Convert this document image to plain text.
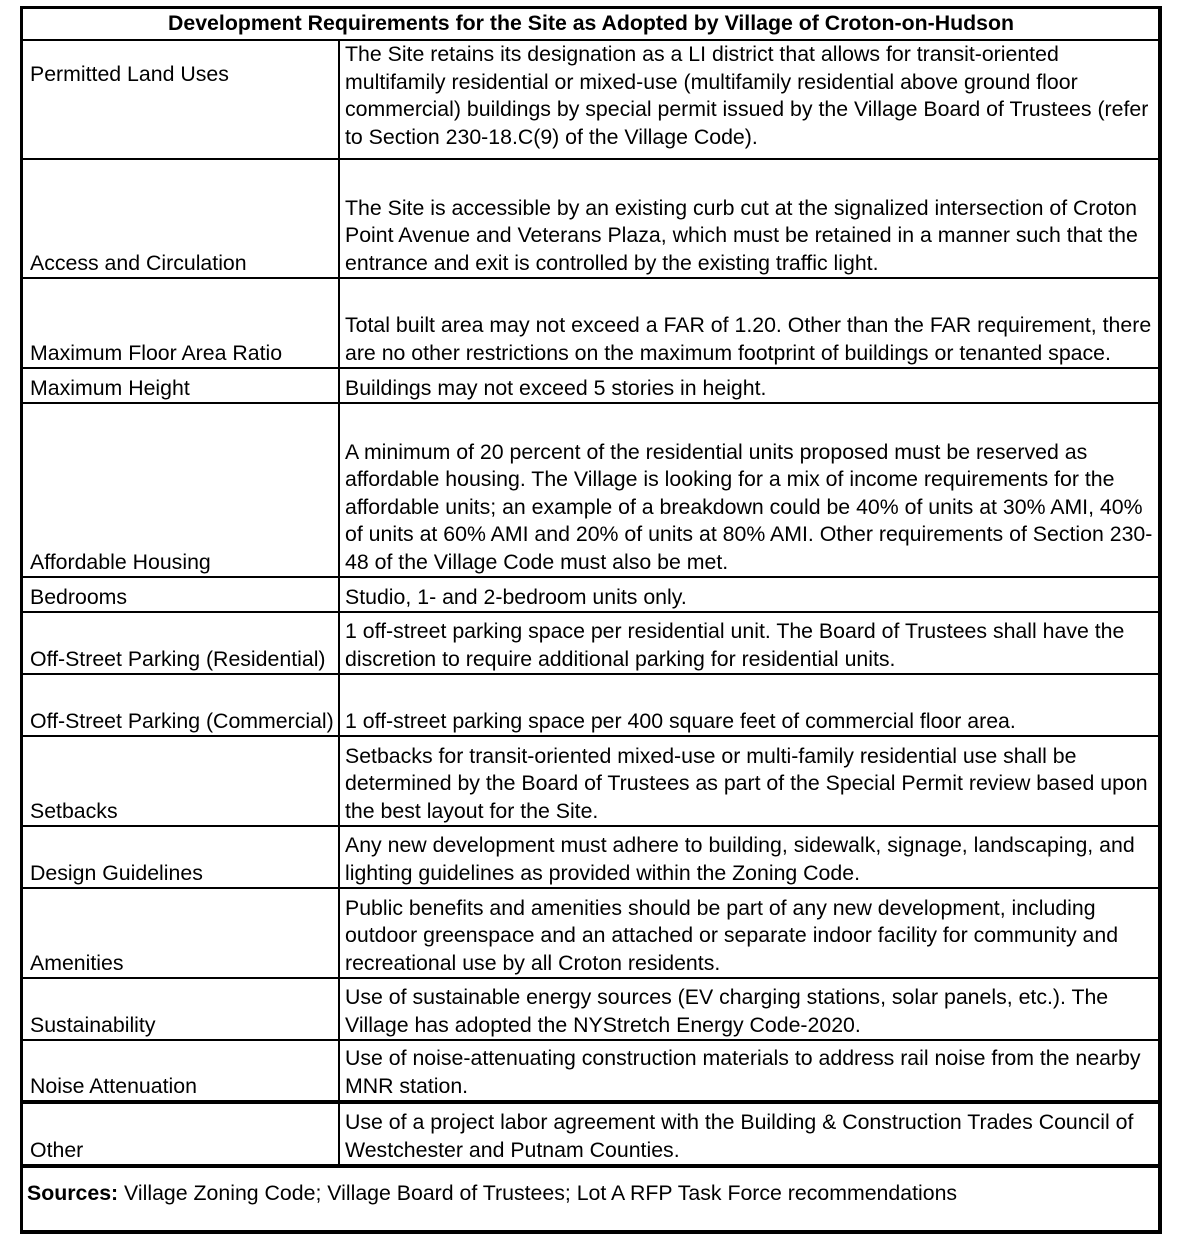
Development Requirements for the Site as Adopted by Village of Croton-on-Hudson	
Permitted Land Uses	The Site retains its designation as a LI district that allows for transit-oriented multifamily residential or mixed-use (multifamily residential above ground floor commercial) buildings by special permit issued by the Village Board of Trustees (refer to Section 230-18.C(9) of the Village Code).
Access and Circulation	The Site is accessible by an existing curb cut at the signalized intersection of Croton Point Avenue and Veterans Plaza, which must be retained in a manner such that the entrance and exit is controlled by the existing traffic light.
Maximum Floor Area Ratio	Total built area may not exceed a FAR of 1.20. Other than the FAR requirement, there are no other restrictions on the maximum footprint of buildings or tenanted space.
Maximum Height	Buildings may not exceed 5 stories in height.
Affordable Housing	A minimum of 20 percent of the residential units proposed must be reserved as affordable housing. The Village is looking for a mix of income requirements for the affordable units; an example of a breakdown could be 40% of units at 30% AMI, 40% of units at 60% AMI and 20% of units at 80% AMI. Other requirements of Section 230-48 of the Village Code must also be met.
Bedrooms	Studio, 1- and 2-bedroom units only.
Off-Street Parking (Residential)	1 off-street parking space per residential unit. The Board of Trustees shall have the discretion to require additional parking for residential units.
Off-Street Parking (Commercial)	1 off-street parking space per 400 square feet of commercial floor area.
Setbacks	Setbacks for transit-oriented mixed-use or multi-family residential use shall be determined by the Board of Trustees as part of the Special Permit review based upon the best layout for the Site.
Design Guidelines	Any new development must adhere to building, sidewalk, signage, landscaping, and lighting guidelines as provided within the Zoning Code.
Amenities	Public benefits and amenities should be part of any new development, including outdoor greenspace and an attached or separate indoor facility for community and recreational use by all Croton residents.
Sustainability	Use of sustainable energy sources (EV charging stations, solar panels, etc.). The Village has adopted the NYStretch Energy Code-2020.
Noise Attenuation	Use of noise-attenuating construction materials to address rail noise from the nearby MNR station.
Other	Use of a project labor agreement with the Building & Construction Trades Council of Westchester and Putnam Counties.
Sources: Village Zoning Code; Village Board of Trustees; Lot A RFP Task Force recommendations
